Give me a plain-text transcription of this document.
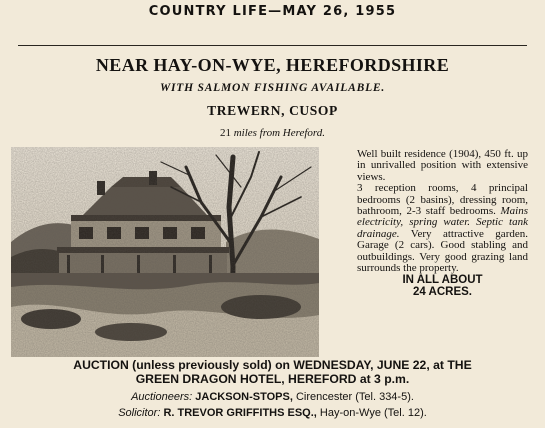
COUNTRY LIFE—MAY 26, 1955
NEAR HAY-ON-WYE, HEREFORDSHIRE
WITH SALMON FISHING AVAILABLE.
TREWERN, CUSOP
21 miles from Hereford.

Well built residence (1904), 450 ft. up in unrivalled position with extensive views.

3 reception rooms, 4 principal bedrooms (2 basins), dressing room, bathroom, 2-3 staff bedrooms. Mains electricity, spring water. Septic tank drainage. Very attractive garden. Garage (2 cars). Good stabling and outbuildings. Very good grazing land surrounds the property.

IN ALL ABOUT
24 ACRES.
AUCTION (unless previously sold) on WEDNESDAY, JUNE 22, at THE
GREEN DRAGON HOTEL, HEREFORD at 3 p.m.
Auctioneers: JACKSON-STOPS, Cirencester (Tel. 334-5).
Solicitor: R. TREVOR GRIFFITHS ESQ., Hay-on-Wye (Tel. 12).
